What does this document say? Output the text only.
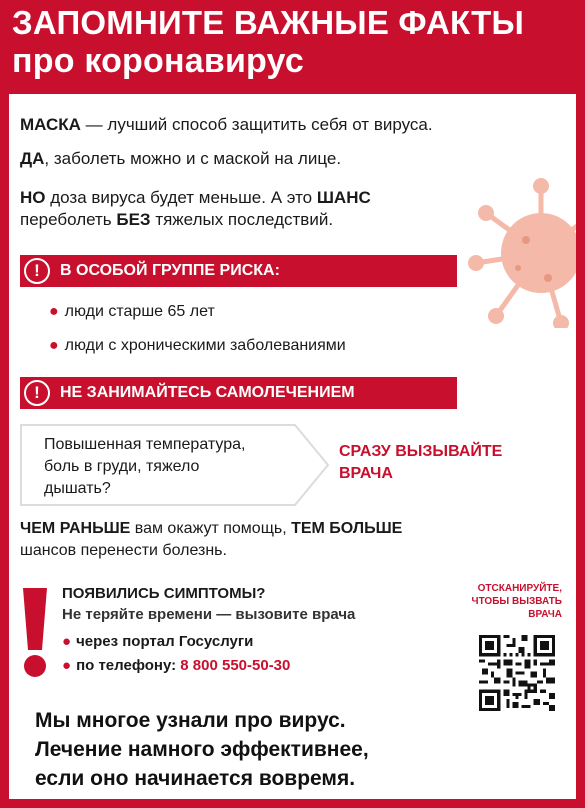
ЗАПОМНИТЕ ВАЖНЫЕ ФАКТЫ
про коронавирус
МАСКА — лучший способ защитить себя от вируса.
ДА, заболеть можно и с маской на лице.
НО доза вируса будет меньше. А это ШАНС
переболеть БЕЗ тяжелых последствий.
!	В ОСОБОЙ ГРУППЕ РИСКА:
● люди старше 65 лет
● люди с хроническими заболеваниями
!	НЕ ЗАНИМАЙТЕСЬ САМОЛЕЧЕНИЕМ
Повышенная температура,
боль в груди, тяжело
дышать?
СРАЗУ ВЫЗЫВАЙТЕ
ВРАЧА
ЧЕМ РАНЬШЕ вам окажут помощь, ТЕМ БОЛЬШЕ
шансов перенести болезнь.
ПОЯВИЛИСЬ СИМПТОМЫ?
Не теряйте времени — вызовите врача
● через портал Госуслуги
● по телефону: 8 800 550-50-30
ОТСКАНИРУЙТЕ,
ЧТОБЫ ВЫЗВАТЬ
ВРАЧА
Мы многое узнали про вирус.
Лечение намного эффективнее,
если оно начинается вовремя.
